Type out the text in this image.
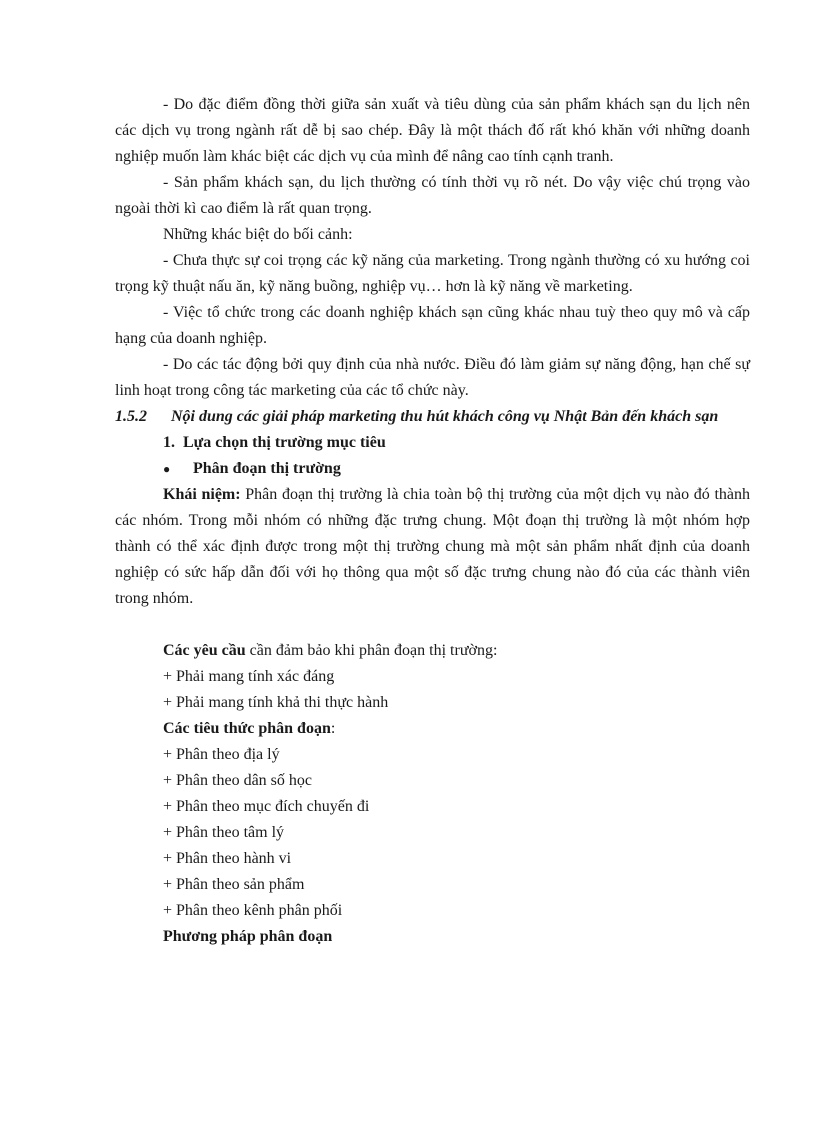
- Do đặc điểm đồng thời giữa sản xuất và tiêu dùng của sản phẩm khách sạn du lịch nên các dịch vụ trong ngành rất dễ bị sao chép. Đây là một thách đố rất khó khăn với những doanh nghiệp muốn làm khác biệt các dịch vụ của mình để nâng cao tính cạnh tranh.

- Sản phẩm khách sạn, du lịch thường có tính thời vụ rõ nét. Do vậy việc chú trọng vào ngoài thời kì cao điểm là rất quan trọng.

Những khác biệt do bối cảnh:

- Chưa thực sự coi trọng các kỹ năng của marketing. Trong ngành thường có xu hướng coi trọng kỹ thuật nấu ăn, kỹ năng buồng, nghiệp vụ… hơn là kỹ năng về marketing.

- Việc tổ chức trong các doanh nghiệp khách sạn cũng khác nhau tuỳ theo quy mô và cấp hạng của doanh nghiệp.

- Do các tác động bởi quy định của nhà nước. Điều đó làm giảm sự năng động, hạn chế sự linh hoạt trong công tác marketing của các tổ chức này.

1.5.2 Nội dung các giải pháp marketing thu hút khách công vụ Nhật Bản đến khách sạn

1. Lựa chọn thị trường mục tiêu

● Phân đoạn thị trường

Khái niệm: Phân đoạn thị trường là chia toàn bộ thị trường của một dịch vụ nào đó thành các nhóm. Trong mỗi nhóm có những đặc trưng chung. Một đoạn thị trường là một nhóm hợp thành có thể xác định được trong một thị trường chung mà một sản phẩm nhất định của doanh nghiệp có sức hấp dẫn đối với họ thông qua một số đặc trưng chung nào đó của các thành viên trong nhóm.

Các yêu cầu cần đảm bảo khi phân đoạn thị trường:

+ Phải mang tính xác đáng

+ Phải mang tính khả thi thực hành

Các tiêu thức phân đoạn:

+ Phân theo địa lý

+ Phân theo dân số học

+ Phân theo mục đích chuyến đi

+ Phân theo tâm lý

+ Phân theo hành vi

+ Phân theo sản phẩm

+ Phân theo kênh phân phối

Phương pháp phân đoạn
